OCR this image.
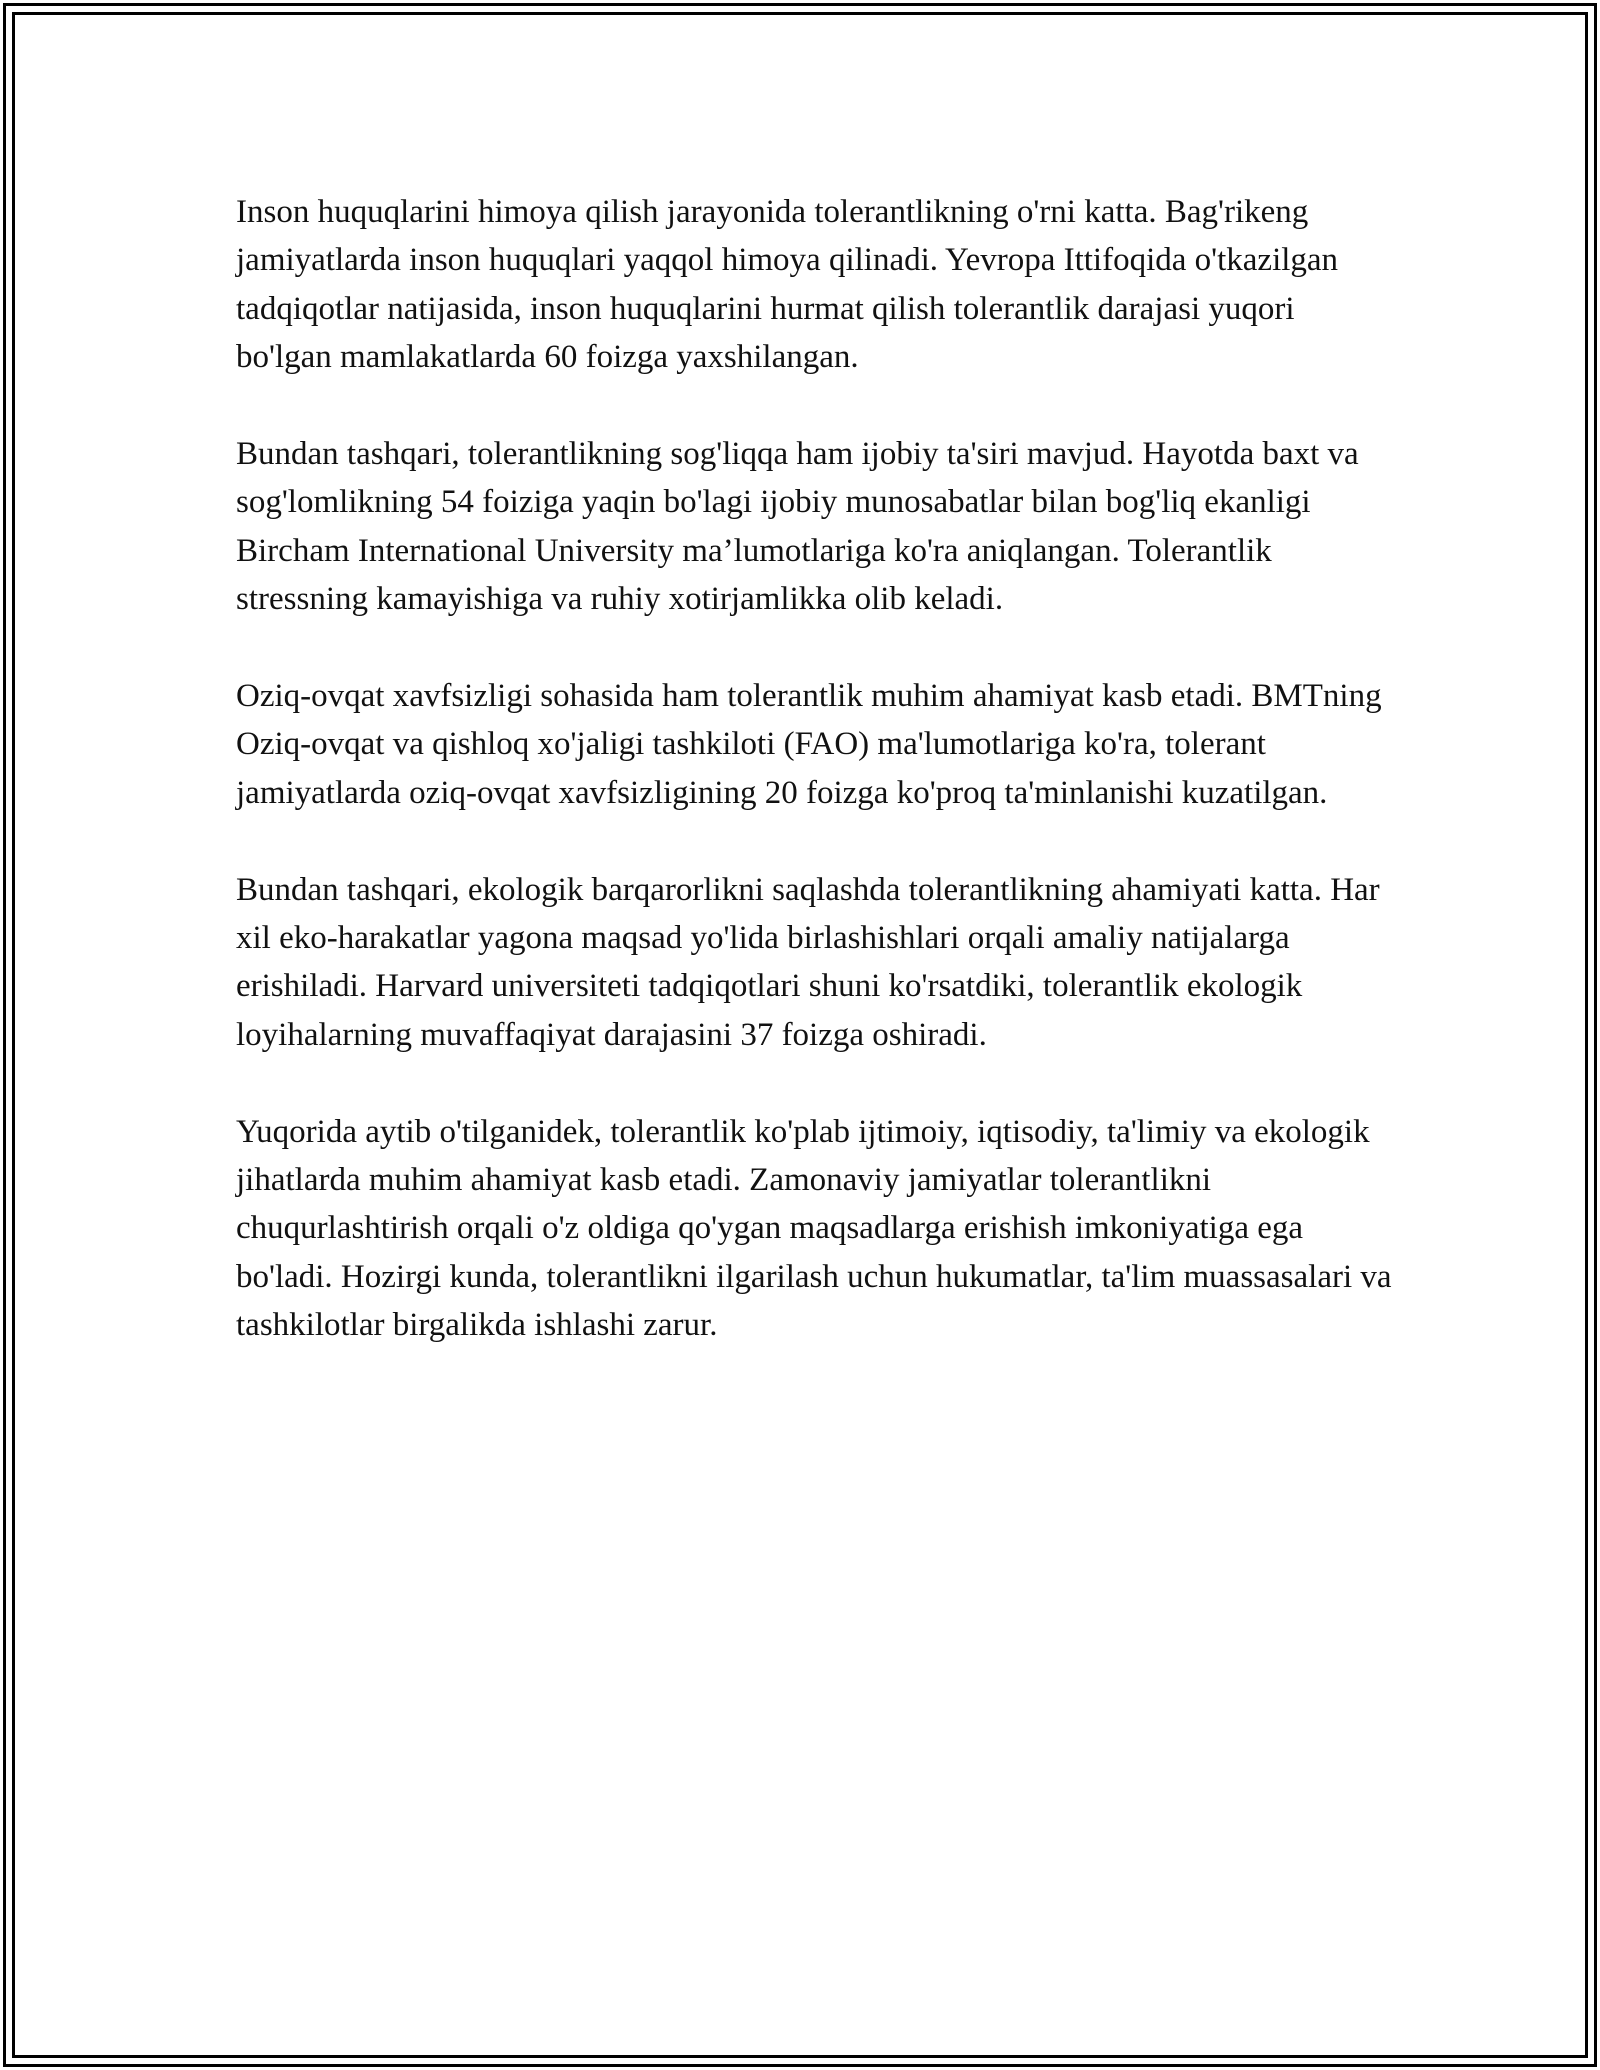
Inson huquqlarini himoya qilish jarayonida tolerantlikning o'rni katta. Bag'rikeng jamiyatlarda inson huquqlari yaqqol himoya qilinadi. Yevropa Ittifoqida o'tkazilgan tadqiqotlar natijasida, inson huquqlarini hurmat qilish tolerantlik darajasi yuqori bo'lgan mamlakatlarda 60 foizga yaxshilangan.

Bundan tashqari, tolerantlikning sog'liqqa ham ijobiy ta'siri mavjud. Hayotda baxt va sog'lomlikning 54 foiziga yaqin bo'lagi ijobiy munosabatlar bilan bog'liq ekanligi Bircham International University ma’lumotlariga ko'ra aniqlangan. Tolerantlik stressning kamayishiga va ruhiy xotirjamlikka olib keladi.

Oziq-ovqat xavfsizligi sohasida ham tolerantlik muhim ahamiyat kasb etadi. BMTning Oziq-ovqat va qishloq xo'jaligi tashkiloti (FAO) ma'lumotlariga ko'ra, tolerant jamiyatlarda oziq-ovqat xavfsizligining 20 foizga ko'proq ta'minlanishi kuzatilgan.

Bundan tashqari, ekologik barqarorlikni saqlashda tolerantlikning ahamiyati katta. Har xil eko-harakatlar yagona maqsad yo'lida birlashishlari orqali amaliy natijalarga erishiladi. Harvard universiteti tadqiqotlari shuni ko'rsatdiki, tolerantlik ekologik loyihalarning muvaffaqiyat darajasini 37 foizga oshiradi.

Yuqorida aytib o'tilganidek, tolerantlik ko'plab ijtimoiy, iqtisodiy, ta'limiy va ekologik jihatlarda muhim ahamiyat kasb etadi. Zamonaviy jamiyatlar tolerantlikni chuqurlashtirish orqali o'z oldiga qo'ygan maqsadlarga erishish imkoniyatiga ega bo'ladi. Hozirgi kunda, tolerantlikni ilgarilash uchun hukumatlar, ta'lim muassasalari va tashkilotlar birgalikda ishlashi zarur.
